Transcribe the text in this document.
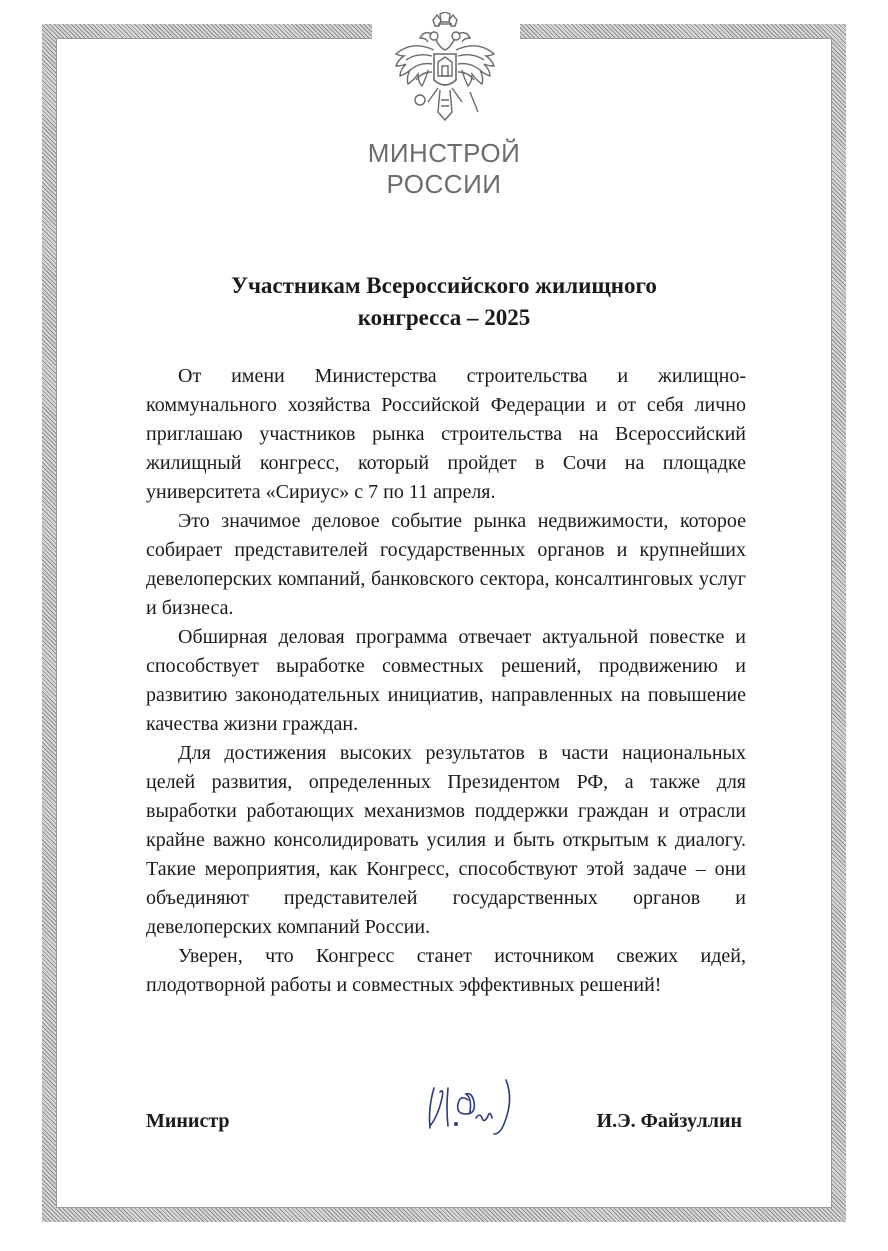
МИНСТРОЙ
РОССИИ
Участникам Всероссийского жилищного
конгресса – 2025

От имени Министерства строительства и жилищно-коммунального хозяйства Российской Федерации и от себя лично приглашаю участников рынка строительства на Всероссийский жилищный конгресс, который пройдет в Сочи на площадке университета «Сириус» с 7 по 11 апреля.

Это значимое деловое событие рынка недвижимости, которое собирает представителей государственных органов и крупнейших девелоперских компаний, банковского сектора, консалтинговых услуг и бизнеса.

Обширная деловая программа отвечает актуальной повестке и способствует выработке совместных решений, продвижению и развитию законодательных инициатив, направленных на повышение качества жизни граждан.

Для достижения высоких результатов в части национальных целей развития, определенных Президентом РФ, а также для выработки работающих механизмов поддержки граждан и отрасли крайне важно консолидировать усилия и быть открытым к диалогу. Такие мероприятия, как Конгресс, способствуют этой задаче – они объединяют представителей государственных органов и девелоперских компаний России.

Уверен, что Конгресс станет источником свежих идей, плодотворной работы и совместных эффективных решений!

Министр	И.Э. Файзуллин
